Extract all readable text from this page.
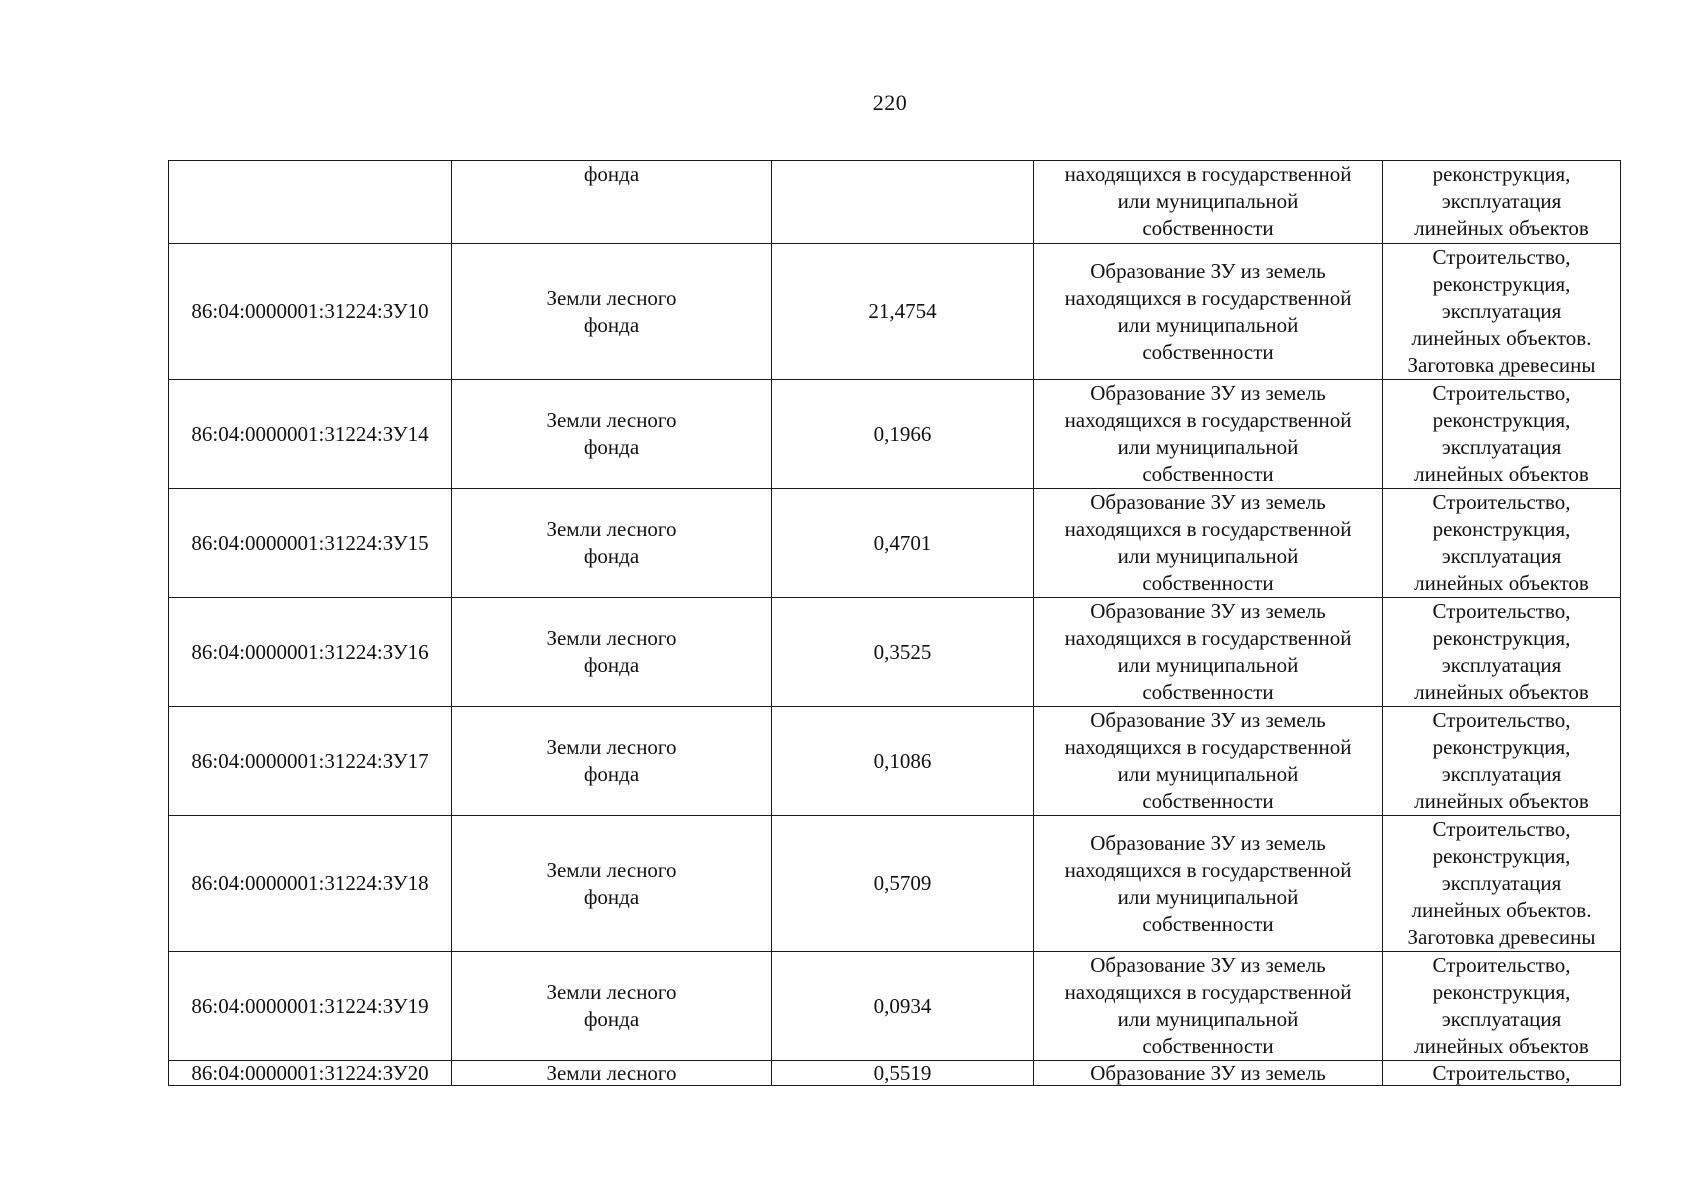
220
	фонда		находящихся в государственной
или муниципальной
собственности	реконструкция,
эксплуатация
линейных объектов
86:04:0000001:31224:ЗУ10	Земли лесного
фонда	21,4754	Образование ЗУ из земель
находящихся в государственной
или муниципальной
собственности	Строительство,
реконструкция,
эксплуатация
линейных объектов.
Заготовка древесины
86:04:0000001:31224:ЗУ14	Земли лесного
фонда	0,1966	Образование ЗУ из земель
находящихся в государственной
или муниципальной
собственности	Строительство,
реконструкция,
эксплуатация
линейных объектов
86:04:0000001:31224:ЗУ15	Земли лесного
фонда	0,4701	Образование ЗУ из земель
находящихся в государственной
или муниципальной
собственности	Строительство,
реконструкция,
эксплуатация
линейных объектов
86:04:0000001:31224:ЗУ16	Земли лесного
фонда	0,3525	Образование ЗУ из земель
находящихся в государственной
или муниципальной
собственности	Строительство,
реконструкция,
эксплуатация
линейных объектов
86:04:0000001:31224:ЗУ17	Земли лесного
фонда	0,1086	Образование ЗУ из земель
находящихся в государственной
или муниципальной
собственности	Строительство,
реконструкция,
эксплуатация
линейных объектов
86:04:0000001:31224:ЗУ18	Земли лесного
фонда	0,5709	Образование ЗУ из земель
находящихся в государственной
или муниципальной
собственности	Строительство,
реконструкция,
эксплуатация
линейных объектов.
Заготовка древесины
86:04:0000001:31224:ЗУ19	Земли лесного
фонда	0,0934	Образование ЗУ из земель
находящихся в государственной
или муниципальной
собственности	Строительство,
реконструкция,
эксплуатация
линейных объектов
86:04:0000001:31224:ЗУ20	Земли лесного	0,5519	Образование ЗУ из земель	Строительство,
